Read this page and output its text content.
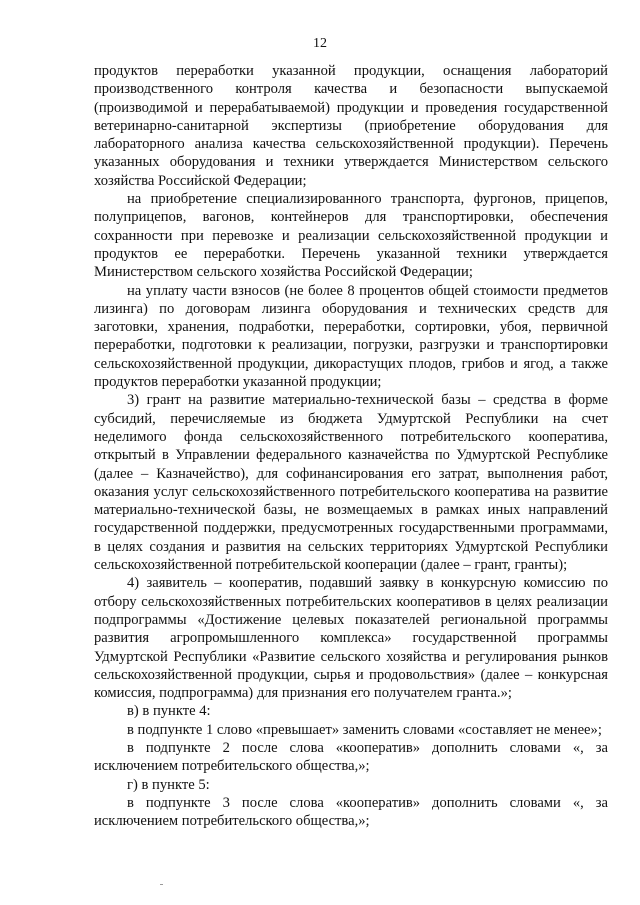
12

продуктов переработки указанной продукции, оснащения лабораторий производственного контроля качества и безопасности выпускаемой (производимой и перерабатываемой) продукции и проведения государственной ветеринарно-санитарной экспертизы (приобретение оборудования для лабораторного анализа качества сельскохозяйственной продукции). Перечень указанных оборудования и техники утверждается Министерством сельского хозяйства Российской Федерации;

на приобретение специализированного транспорта, фургонов, прицепов, полуприцепов, вагонов, контейнеров для транспортировки, обеспечения сохранности при перевозке и реализации сельскохозяйственной продукции и продуктов ее переработки. Перечень указанной техники утверждается Министерством сельского хозяйства Российской Федерации;

на уплату части взносов (не более 8 процентов общей стоимости предметов лизинга) по договорам лизинга оборудования и технических средств для заготовки, хранения, подработки, переработки, сортировки, убоя, первичной переработки, подготовки к реализации, погрузки, разгрузки и транспортировки сельскохозяйственной продукции, дикорастущих плодов, грибов и ягод, а также продуктов переработки указанной продукции;

3) грант на развитие материально-технической базы – средства в форме субсидий, перечисляемые из бюджета Удмуртской Республики на счет неделимого фонда сельскохозяйственного потребительского кооператива, открытый в Управлении федерального казначейства по Удмуртской Республике (далее – Казначейство), для софинансирования его затрат, выполнения работ, оказания услуг сельскохозяйственного потребительского кооператива на развитие материально-технической базы, не возмещаемых в рамках иных направлений государственной поддержки, предусмотренных государственными программами, в целях создания и развития на сельских территориях Удмуртской Республики сельскохозяйственной потребительской кооперации (далее – грант, гранты);

4) заявитель – кооператив, подавший заявку в конкурсную комиссию по отбору сельскохозяйственных потребительских кооперативов в целях реализации подпрограммы «Достижение целевых показателей региональной программы развития агропромышленного комплекса» государственной программы Удмуртской Республики «Развитие сельского хозяйства и регулирования рынков сельскохозяйственной продукции, сырья и продовольствия» (далее – конкурсная комиссия, подпрограмма) для признания его получателем гранта.»;

в) в пункте 4:

в подпункте 1 слово «превышает» заменить словами «составляет не менее»;

в подпункте 2 после слова «кооператив» дополнить словами «, за исключением потребительского общества,»;

г) в пункте 5:

в подпункте 3 после слова «кооператив» дополнить словами «, за исключением потребительского общества,»;
